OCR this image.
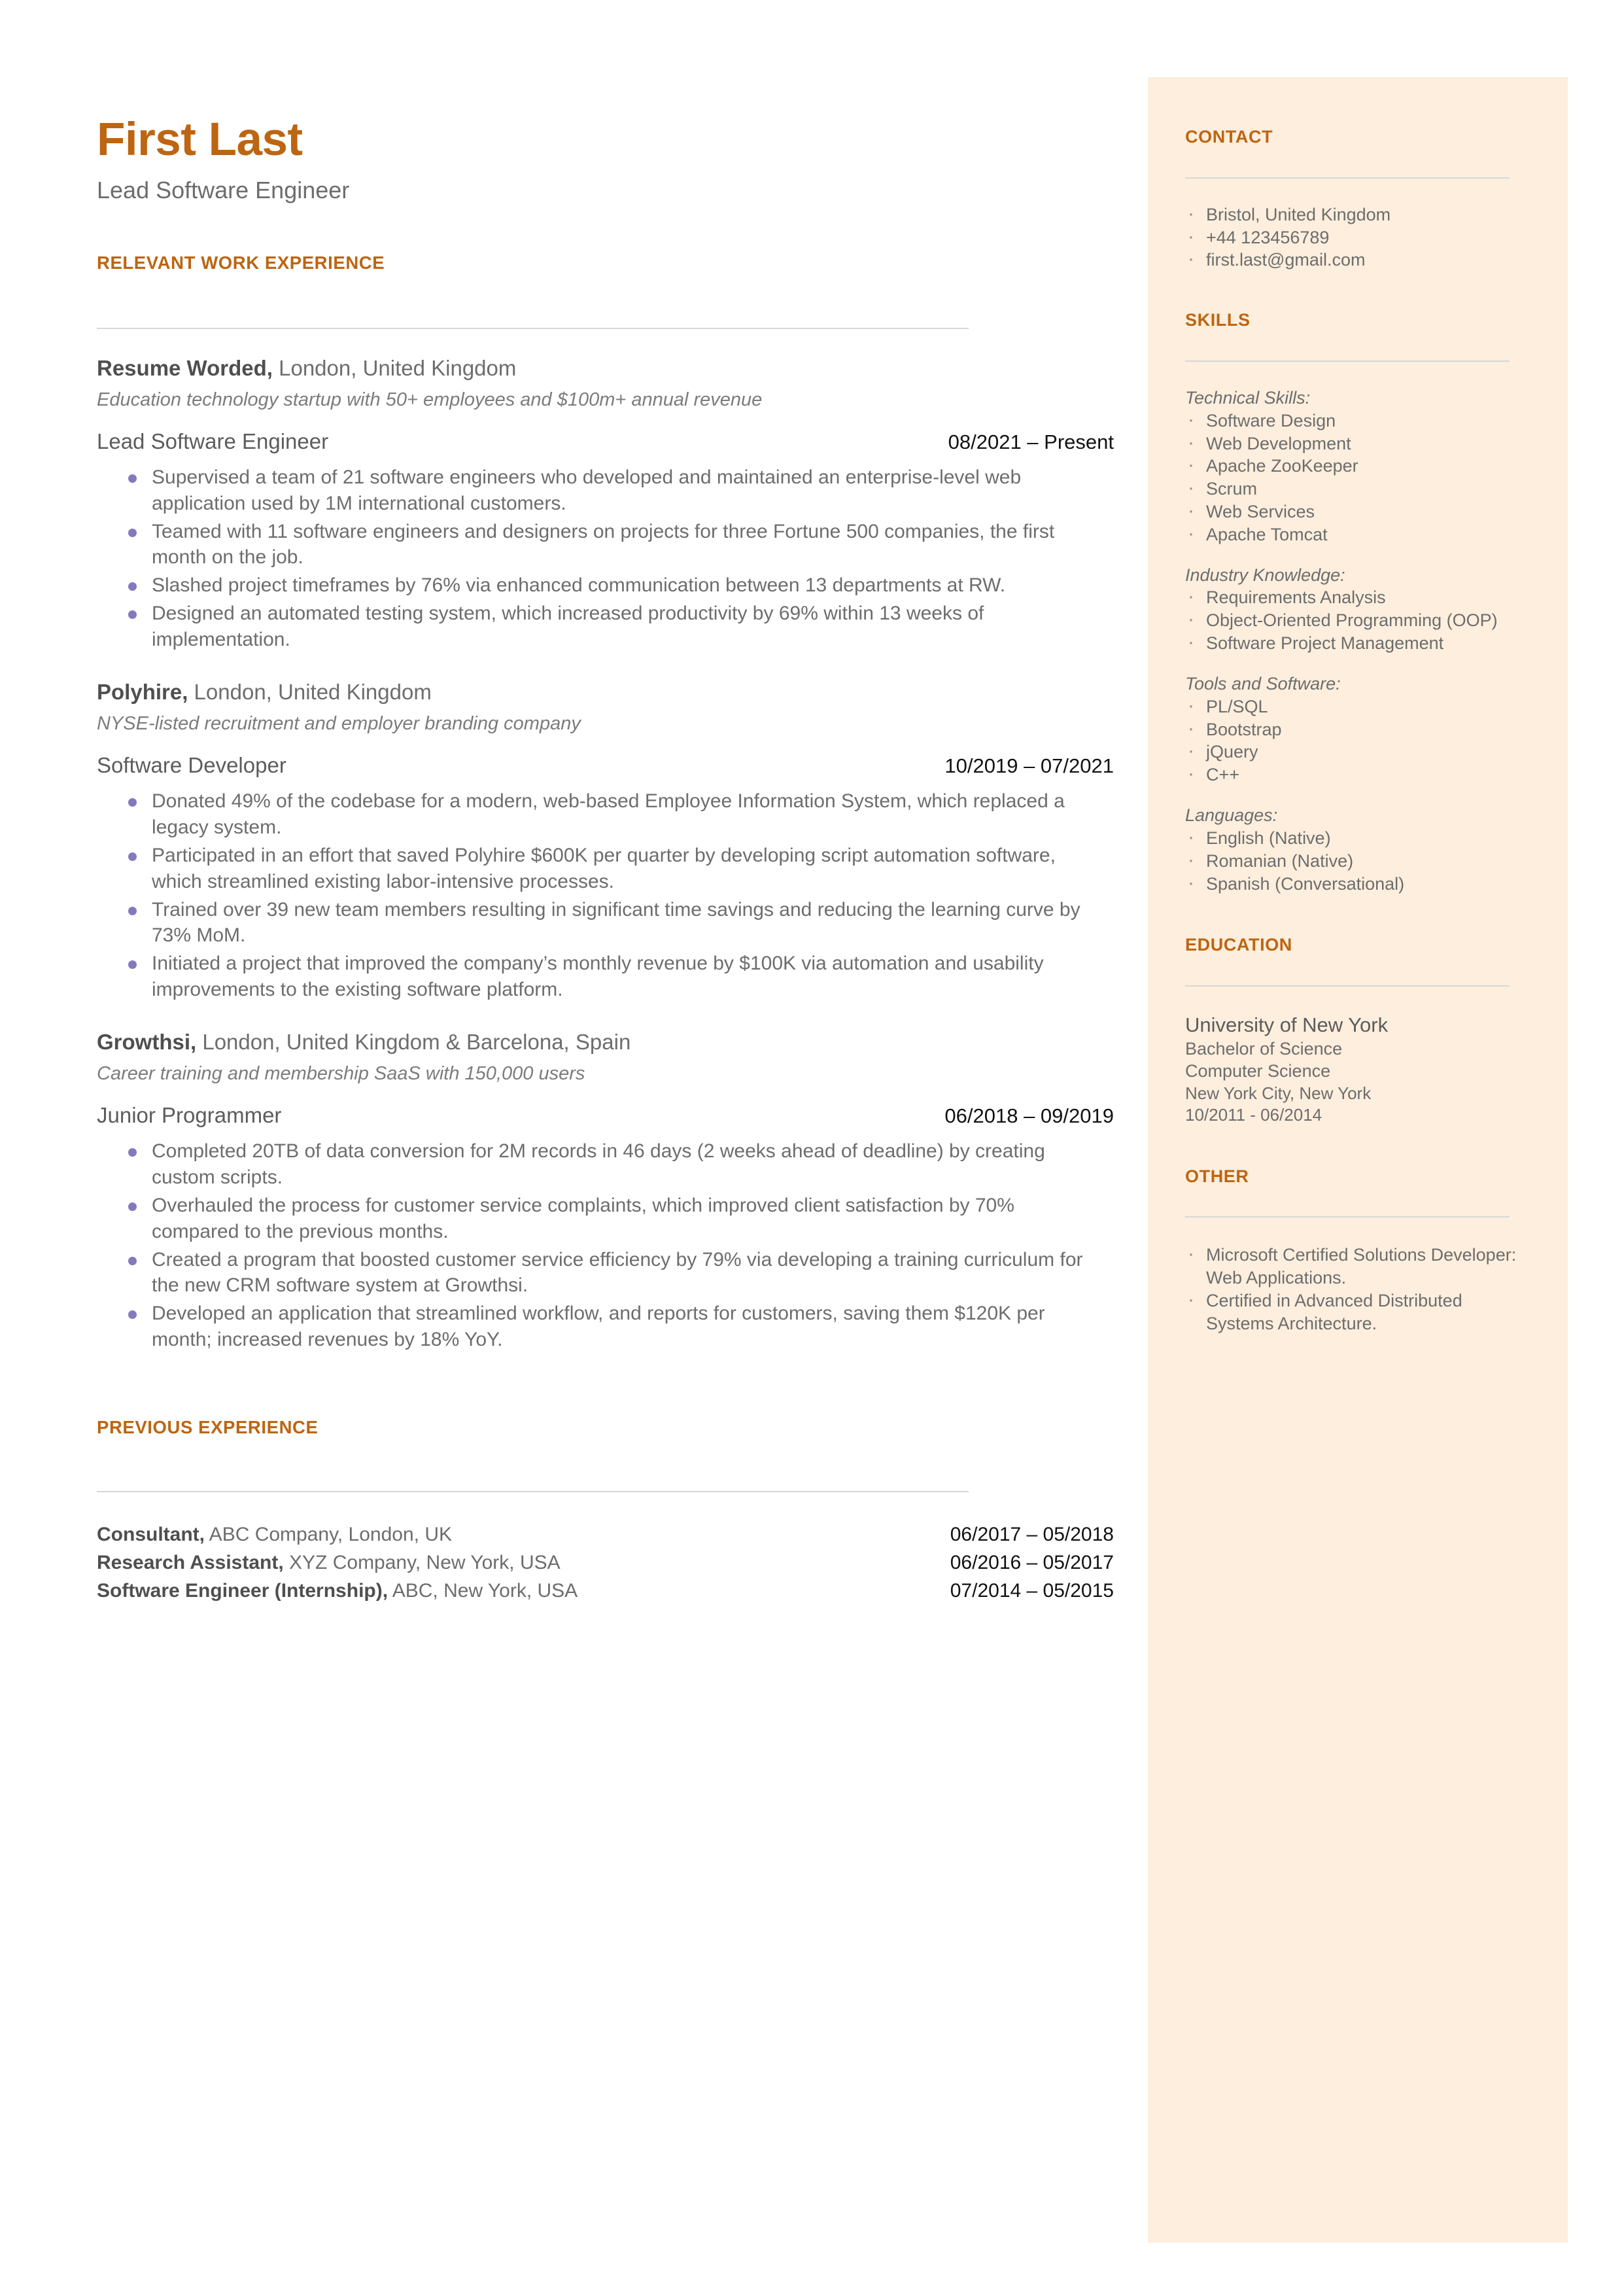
First Last
Lead Software Engineer
RELEVANT WORK EXPERIENCE
Resume Worded, London, United Kingdom
Education technology startup with 50+ employees and $100m+ annual revenue
Lead Software Engineer	08/2021 – Present
Supervised a team of 21 software engineers who developed and maintained an enterprise-level web application used by 1M international customers.
Teamed with 11 software engineers and designers on projects for three Fortune 500 companies, the first month on the job.
Slashed project timeframes by 76% via enhanced communication between 13 departments at RW.
Designed an automated testing system, which increased productivity by 69% within 13 weeks of implementation.
Polyhire, London, United Kingdom
NYSE-listed recruitment and employer branding company
Software Developer	10/2019 – 07/2021
Donated 49% of the codebase for a modern, web-based Employee Information System, which replaced a legacy system.
Participated in an effort that saved Polyhire $600K per quarter by developing script automation software, which streamlined existing labor-intensive processes.
Trained over 39 new team members resulting in significant time savings and reducing the learning curve by 73% MoM.
Initiated a project that improved the company’s monthly revenue by $100K via automation and usability improvements to the existing software platform.
Growthsi, London, United Kingdom & Barcelona, Spain
Career training and membership SaaS with 150,000 users
Junior Programmer	06/2018 – 09/2019
Completed 20TB of data conversion for 2M records in 46 days (2 weeks ahead of deadline) by creating custom scripts.
Overhauled the process for customer service complaints, which improved client satisfaction by 70% compared to the previous months.
Created a program that boosted customer service efficiency by 79% via developing a training curriculum for the new CRM software system at Growthsi.
Developed an application that streamlined workflow, and reports for customers, saving them $120K per month; increased revenues by 18% YoY.
PREVIOUS EXPERIENCE
Consultant, ABC Company, London, UK	06/2017 – 05/2018
Research Assistant, XYZ Company, New York, USA	06/2016 – 05/2017
Software Engineer (Internship), ABC, New York, USA	07/2014 – 05/2015
CONTACT
· Bristol, United Kingdom
· +44 123456789
· first.last@gmail.com
SKILLS
Technical Skills:
· Software Design
· Web Development
· Apache ZooKeeper
· Scrum
· Web Services
· Apache Tomcat
Industry Knowledge:
· Requirements Analysis
· Object-Oriented Programming (OOP)
· Software Project Management
Tools and Software:
· PL/SQL
· Bootstrap
· jQuery
· C++
Languages:
· English (Native)
· Romanian (Native)
· Spanish (Conversational)
EDUCATION
University of New York
Bachelor of Science
Computer Science
New York City, New York
10/2011 - 06/2014
OTHER
· Microsoft Certified Solutions Developer: Web Applications.
· Certified in Advanced Distributed Systems Architecture.
